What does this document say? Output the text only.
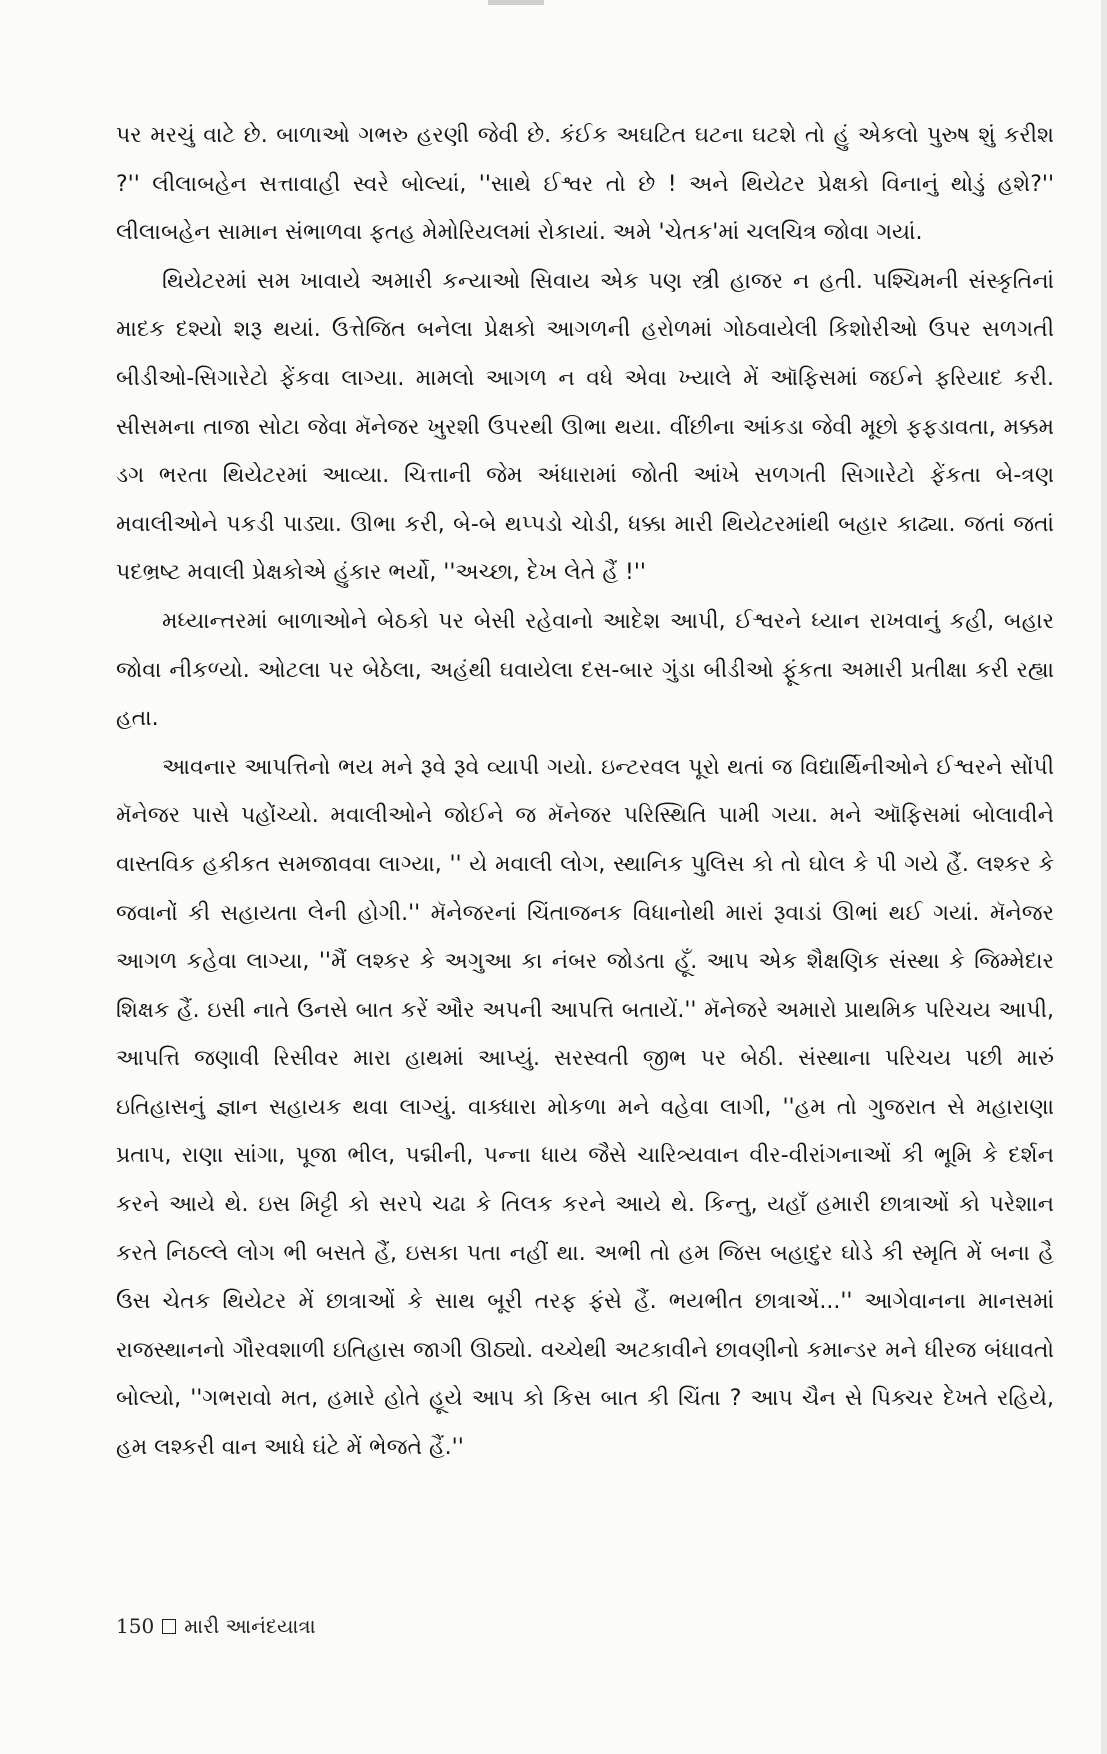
પર મરચું વાટે છે. બાળાઓ ગભરુ હરણી જેવી છે. કંઈક અઘટિત ઘટના ઘટશે તો હું એકલો પુરુષ શું કરીશ ?'' લીલાબહેન સત્તાવાહી સ્વરે બોલ્યાં, ''સાથે ઈશ્વર તો છે ! અને થિયેટર પ્રેક્ષકો વિનાનું થોડું હશે?'' લીલાબહેન સામાન સંભાળવા ફતહ મેમોરિયલમાં રોકાયાં. અમે 'ચેતક'માં ચલચિત્ર જોવા ગયાં.

થિયેટરમાં સમ ખાવાયે અમારી કન્યાઓ સિવાય એક પણ સ્ત્રી હાજર ન હતી. પશ્ચિમની સંસ્કૃતિનાં માદક દશ્યો શરૂ થયાં. ઉત્તેજિત બનેલા પ્રેક્ષકો આગળની હરોળમાં ગોઠવાયેલી કિશોરીઓ ઉપર સળગતી બીડીઓ-સિગારેટો ફેંકવા લાગ્યા. મામલો આગળ ન વધે એવા ખ્યાલે મેં ઑફિસમાં જઈને ફરિયાદ કરી. સીસમના તાજા સોટા જેવા મૅનેજર ખુરશી ઉપરથી ઊભા થયા. વીંછીના આંકડા જેવી મૂછો ફફડાવતા, મક્કમ ડગ ભરતા થિયેટરમાં આવ્યા. ચિત્તાની જેમ અંધારામાં જોતી આંખે સળગતી સિગારેટો ફેંકતા બે-ત્રણ મવાલીઓને પકડી પાડ્યા. ઊભા કરી, બે-બે થપ્પડો ચોડી, ધક્કા મારી થિયેટરમાંથી બહાર કાઢ્યા. જતાં જતાં પદભ્રષ્ટ મવાલી પ્રેક્ષકોએ હુંકાર ભર્યો, ''અચ્છા, દેખ લેતે હૈં !''

મધ્યાન્તરમાં બાળાઓને બેઠકો પર બેસી રહેવાનો આદેશ આપી, ઈશ્વરને ધ્યાન રાખવાનું કહી, બહાર જોવા નીકળ્યો. ઓટલા પર બેઠેલા, અહંથી ઘવાયેલા દસ-બાર ગુંડા બીડીઓ ફૂંકતા અમારી પ્રતીક્ષા કરી રહ્યા હતા.

આવનાર આપત્તિનો ભય મને રૂવે રૂવે વ્યાપી ગયો. ઇન્ટરવલ પૂરો થતાં જ વિદ્યાર્થિનીઓને ઈશ્વરને સોંપી મૅનેજર પાસે પહોંચ્યો. મવાલીઓને જોઈને જ મૅનેજર પરિસ્થિતિ પામી ગયા. મને ઑફિસમાં બોલાવીને વાસ્તવિક હકીકત સમજાવવા લાગ્યા, '' યે મવાલી લોગ, સ્થાનિક પુલિસ કો તો ઘોલ કે પી ગયે હૈં. લશ્કર કે જવાનોં કી સહાયતા લેની હોગી.'' મૅનેજરનાં ચિંતાજનક વિધાનોથી મારાં રૂવાડાં ઊભાં થઈ ગયાં. મૅનેજર આગળ કહેવા લાગ્યા, ''મૈં લશ્કર કે અગુઆ કા નંબર જોડતા હૂઁ. આપ એક શૈક્ષણિક સંસ્થા કે જિમ્મેદાર શિક્ષક હૈં. ઇસી નાતે ઉનસે બાત કરેં ઔર અપની આપત્તિ બતાયેં.'' મૅનેજરે અમારો પ્રાથમિક પરિચય આપી, આપત્તિ જણાવી રિસીવર મારા હાથમાં આપ્યું. સરસ્વતી જીભ પર બેઠી. સંસ્થાના પરિચય પછી મારું ઇતિહાસનું જ્ઞાન સહાયક થવા લાગ્યું. વાક્ધારા મોકળા મને વહેવા લાગી, ''હમ તો ગુજરાત સે મહારાણા પ્રતાપ, રાણા સાંગા, પૂજા ભીલ, પદ્મીની, પન્ના ધાય જૈસે ચારિત્ર્યવાન વીર-વીરાંગનાઓં કી ભૂમિ કે દર્શન કરને આયે થે. ઇસ મિટ્ટી કો સરપે ચઢા કે તિલક કરને આયે થે. કિન્તુ, યહાઁ હમારી છાત્રાઓં કો પરેશાન કરતે નિઠલ્લે લોગ ભી બસતે હૈં, ઇસકા પતા નહીં થા. અભી તો હમ જિસ બહાદુર ઘોડે કી સ્મૃતિ મેં બના હૈ ઉસ ચેતક થિયેટર મેં છાત્રાઓં કે સાથ બૂરી તરફ ફંસે હૈં. ભયભીત છાત્રાએં...'' આગેવાનના માનસમાં રાજસ્થાનનો ગૌરવશાળી ઇતિહાસ જાગી ઊઠ્યો. વચ્ચેથી અટકાવીને છાવણીનો કમાન્ડર મને ધીરજ બંધાવતો બોલ્યો, ''ગભરાવો મત, હમારે હોતે હૂયે આપ કો કિસ બાત કી ચિંતા ? આપ ચૈન સે પિક્ચર દેખતે રહિયે, હમ લશ્કરી વાન આધે ઘંટે મેં ભેજતે હૈં.''

150 મારી આનંદયાત્રા
